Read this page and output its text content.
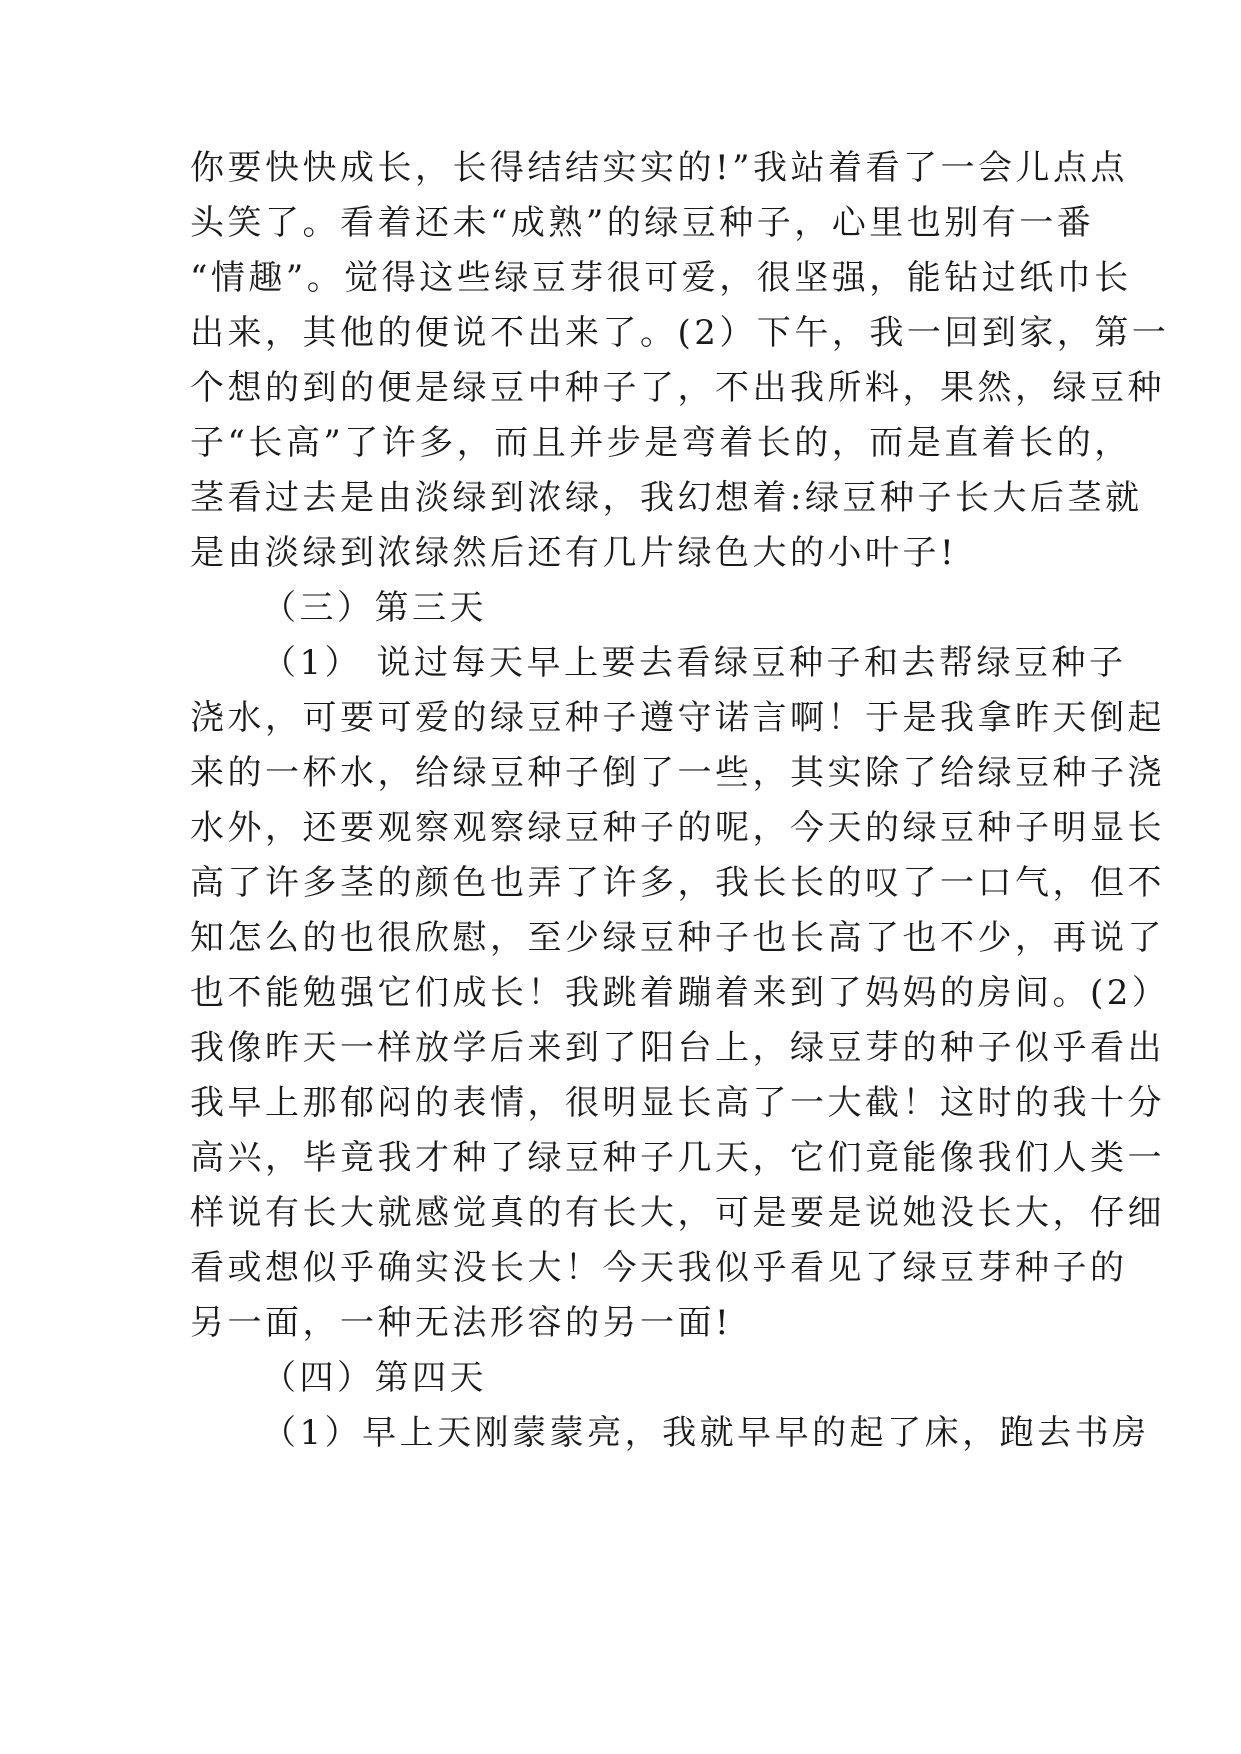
你要快快成长，长得结结实实的!”我站着看了一会儿点点
头笑了。看着还未“成熟”的绿豆种子，心里也别有一番
“情趣”。觉得这些绿豆芽很可爱，很坚强，能钻过纸巾长
出来，其他的便说不出来了。(2）下午，我一回到家，第一
个想的到的便是绿豆中种子了，不出我所料，果然，绿豆种
子“长高”了许多，而且并步是弯着长的，而是直着长的，
茎看过去是由淡绿到浓绿，我幻想着:绿豆种子长大后茎就
是由淡绿到浓绿然后还有几片绿色大的小叶子!
（三）第三天
（1） 说过每天早上要去看绿豆种子和去帮绿豆种子
浇水，可要可爱的绿豆种子遵守诺言啊！于是我拿昨天倒起
来的一杯水，给绿豆种子倒了一些，其实除了给绿豆种子浇
水外，还要观察观察绿豆种子的呢，今天的绿豆种子明显长
高了许多茎的颜色也弄了许多，我长长的叹了一口气，但不
知怎么的也很欣慰，至少绿豆种子也长高了也不少，再说了
也不能勉强它们成长！我跳着蹦着来到了妈妈的房间。(2）
我像昨天一样放学后来到了阳台上，绿豆芽的种子似乎看出
我早上那郁闷的表情，很明显长高了一大截！这时的我十分
高兴，毕竟我才种了绿豆种子几天，它们竟能像我们人类一
样说有长大就感觉真的有长大，可是要是说她没长大，仔细
看或想似乎确实没长大！今天我似乎看见了绿豆芽种子的
另一面，一种无法形容的另一面!
（四）第四天
（1）早上天刚蒙蒙亮，我就早早的起了床，跑去书房
